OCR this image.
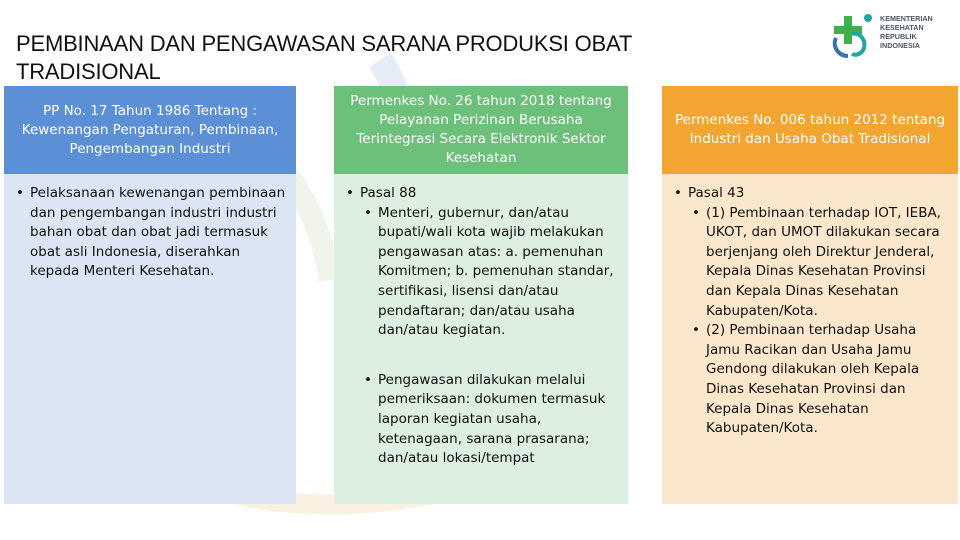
PEMBINAAN DAN PENGAWASAN SARANA PRODUKSI OBAT TRADISIONAL
KEMENTERIAN
KESEHATAN
REPUBLIK
INDONESIA
PP No. 17 Tahun 1986 Tentang : Kewenangan Pengaturan, Pembinaan, Pengembangan Industri
• Pelaksanaan kewenangan pembinaan dan pengembangan industri industri bahan obat dan obat jadi termasuk obat asli Indonesia, diserahkan kepada Menteri Kesehatan.
Permenkes No. 26 tahun 2018 tentang Pelayanan Perizinan Berusaha Terintegrasi Secara Elektronik Sektor Kesehatan
• Pasal 88
• Menteri, gubernur, dan/atau bupati/wali kota wajib melakukan pengawasan atas: a. pemenuhan Komitmen; b. pemenuhan standar, sertifikasi, lisensi dan/atau pendaftaran; dan/atau usaha dan/atau kegiatan.
• Pengawasan dilakukan melalui pemeriksaan: dokumen termasuk laporan kegiatan usaha, ketenagaan, sarana prasarana; dan/atau lokasi/tempat
Permenkes No. 006 tahun 2012 tentang Industri dan Usaha Obat Tradisional
• Pasal 43
• (1) Pembinaan terhadap IOT, IEBA, UKOT, dan UMOT dilakukan secara berjenjang oleh Direktur Jenderal, Kepala Dinas Kesehatan Provinsi dan Kepala Dinas Kesehatan Kabupaten/Kota.
• (2) Pembinaan terhadap Usaha Jamu Racikan dan Usaha Jamu Gendong dilakukan oleh Kepala Dinas Kesehatan Provinsi dan Kepala Dinas Kesehatan Kabupaten/Kota.
